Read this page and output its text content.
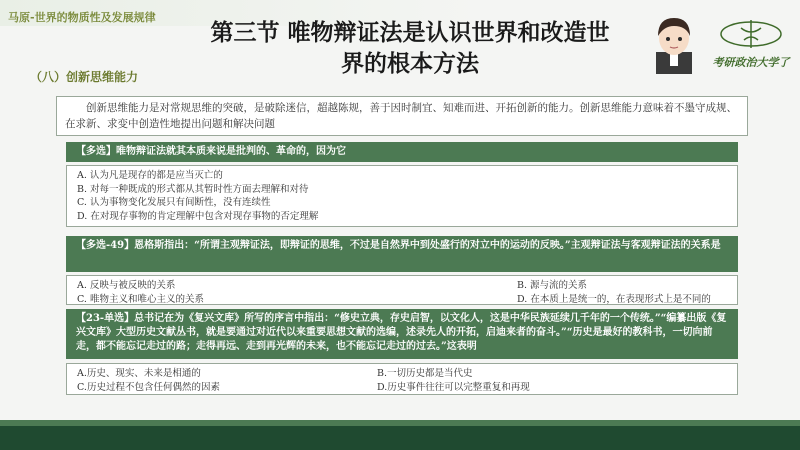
马原-世界的物质性及发展规律
第三节 唯物辩证法是认识世界和改造世界的根本方法
（八）创新思维能力
考研政治大学了
创新思维能力是对常规思维的突破，是破除迷信，超越陈规，善于因时制宜、知难而进、开拓创新的能力。创新思维能力意味着不墨守成规、在求新、求变中创造性地提出问题和解决问题
【多选】唯物辩证法就其本质来说是批判的、革命的，因为它
A. 认为凡是现存的都是应当灭亡的
B. 对每一种既成的形式都从其暂时性方面去理解和对待
C. 认为事物变化发展只有间断性，没有连续性
D. 在对现存事物的肯定理解中包含对现存事物的否定理解
【多选-49】恩格斯指出：“所谓主观辩证法，即辩证的思维，不过是自然界中到处盛行的对立中的运动的反映。”主观辩证法与客观辩证法的关系是
A. 反映与被反映的关系	B. 源与流的关系
C. 唯物主义和唯心主义的关系	D. 在本质上是统一的，在表现形式上是不同的
【23-单选】总书记在为《复兴文库》所写的序言中指出：“修史立典，存史启智，以文化人，这是中华民族延续几千年的一个传统。”“编纂出版《复兴文库》大型历史文献丛书，就是要通过对近代以来重要思想文献的选编，述录先人的开拓，启迪来者的奋斗。”“历史是最好的教科书，一切向前走，都不能忘记走过的路；走得再远、走到再光辉的未来，也不能忘记走过的过去。”这表明
A.历史、现实、未来是相通的	B.一切历史都是当代史
C.历史过程不包含任何偶然的因素	D.历史事件往往可以完整重复和再现
